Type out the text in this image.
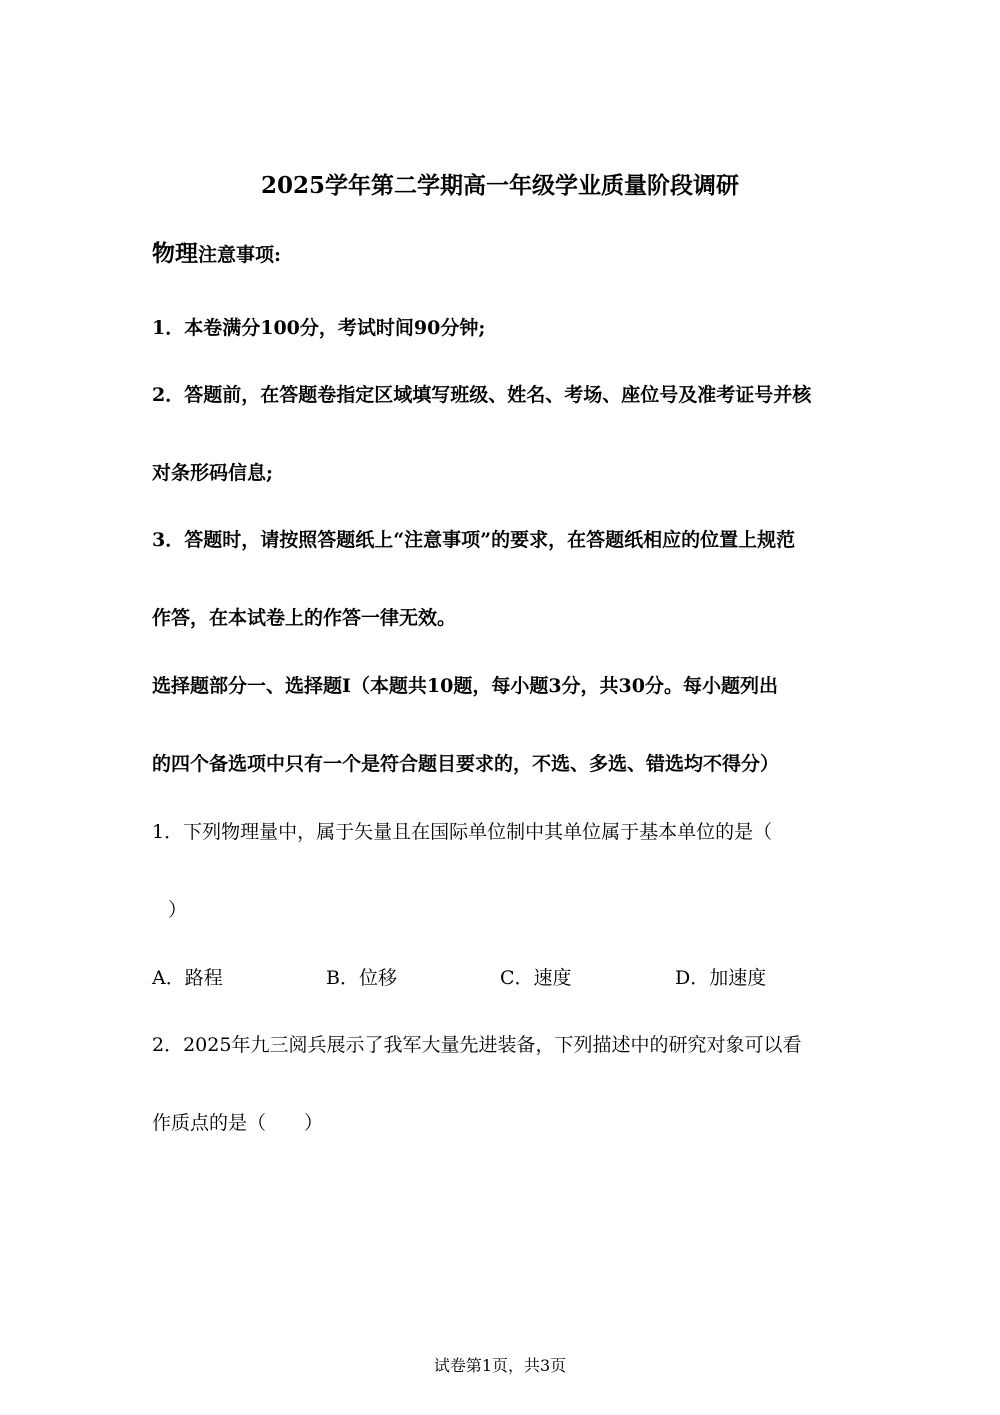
2025学年第二学期高一年级学业质量阶段调研
物理注意事项:
1．本卷满分100分，考试时间90分钟;
2．答题前，在答题卷指定区域填写班级、姓名、考场、座位号及准考证号并核
对条形码信息;
3．答题时，请按照答题纸上“注意事项”的要求，在答题纸相应的位置上规范
作答，在本试卷上的作答一律无效。
选择题部分一、选择题Ⅰ（本题共10题，每小题3分，共30分。每小题列出
的四个备选项中只有一个是符合题目要求的，不选、多选、错选均不得分）
1．下列物理量中，属于矢量且在国际单位制中其单位属于基本单位的是（
）
A．路程	B．位移	C．速度	D．加速度
2．2025年九三阅兵展示了我军大量先进装备，下列描述中的研究对象可以看
作质点的是（　　）
试卷第1页，共3页
